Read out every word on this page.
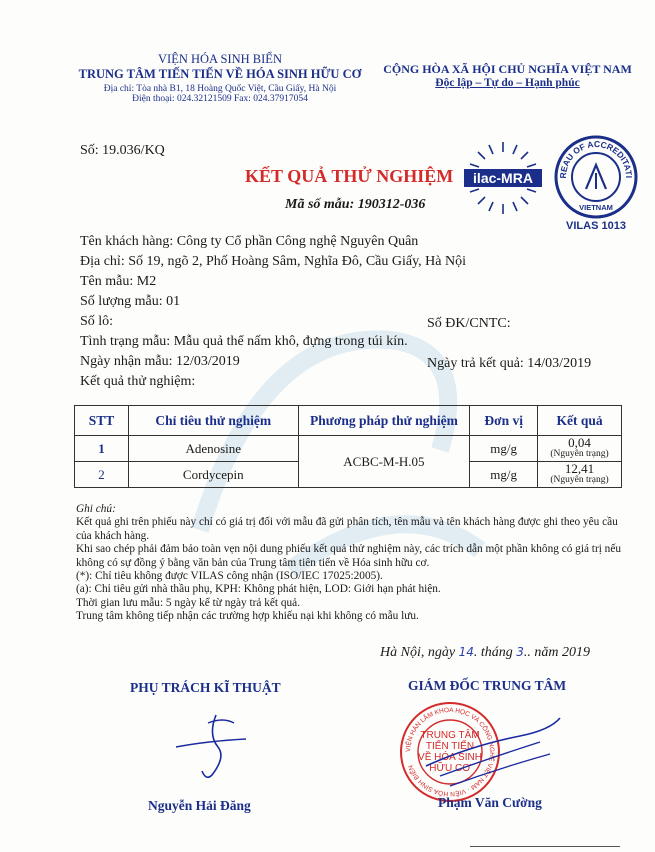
VIỆN HÓA SINH BIỂN
TRUNG TÂM TIẾN TIẾN VỀ HÓA SINH HỮU CƠ
Địa chỉ: Tòa nhà B1, 18 Hoàng Quốc Việt, Cầu Giấy, Hà Nội
Điện thoại: 024.32121509 Fax: 024.37917054
CỘNG HÒA XÃ HỘI CHỦ NGHĨA VIỆT NAM
Độc lập – Tự do – Hạnh phúc
Số: 19.036/KQ
KẾT QUẢ THỬ NGHIỆM
Mã số mẫu: 190312-036
ilac-MRA	REAU OF ACCREDITATI
VIETNAM
VILAS 1013
Tên khách hàng: Công ty Cổ phần Công nghệ Nguyên Quân
Địa chỉ: Số 19, ngõ 2, Phố Hoàng Sâm, Nghĩa Đô, Cầu Giấy, Hà Nội
Tên mẫu: M2
Số lượng mẫu: 01
Số lô:	Số ĐK/CNTC:
Tình trạng mẫu: Mẫu quả thể nấm khô, đựng trong túi kín.
Ngày nhận mẫu: 12/03/2019	Ngày trả kết quả: 14/03/2019
Kết quả thử nghiệm:
STT	Chỉ tiêu thử nghiệm	Phương pháp thử nghiệm	Đơn vị	Kết quả
1	Adenosine	ACBC-M-H.05	mg/g	0,04
(Nguyên trạng)

2	Cordycepin		mg/g	12,41
(Nguyên trạng)
Ghi chú:
Kết quả ghi trên phiếu này chỉ có giá trị đối với mẫu đã gửi phân tích, tên mẫu và tên khách hàng được ghi theo yêu cầu của khách hàng.
Khi sao chép phải đảm bảo toàn vẹn nội dung phiếu kết quả thử nghiệm này, các trích dẫn một phần không có giá trị nếu không có sự đồng ý bằng văn bản của Trung tâm tiên tiến về Hóa sinh hữu cơ.
(*): Chỉ tiêu không được VILAS công nhận (ISO/IEC 17025:2005).
(a): Chỉ tiêu gửi nhà thầu phụ, KPH: Không phát hiện, LOD: Giới hạn phát hiện.
Thời gian lưu mẫu: 5 ngày kể từ ngày trả kết quả.
Trung tâm không tiếp nhận các trường hợp khiếu nại khi không có mẫu lưu.
Hà Nội, ngày 14. tháng 3.. năm 2019
PHỤ TRÁCH KĨ THUẬT
Nguyễn Hải Đăng
GIÁM ĐỐC TRUNG TÂM
VIỆN HÀN LÂM KHOA HỌC VÀ CÔNG NGHỆ VIỆT NAM · VIỆN HÓA SINH BIỂN
TRUNG TÂM
TIẾN TIẾN
VỀ HÓA SINH
HỮU CƠ
Phạm Văn Cường
